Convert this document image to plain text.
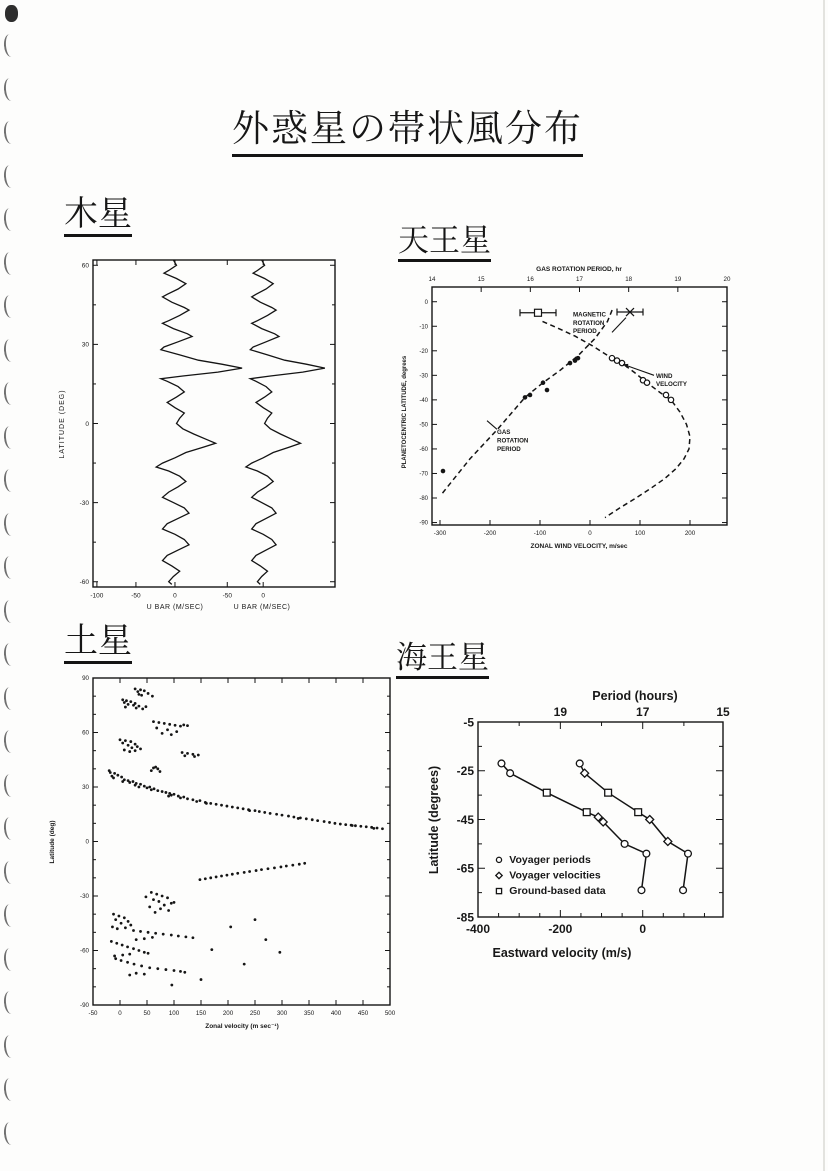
外惑星の帯状風分布
木星
天王星
土星	海王星
-100	-50	0	-50	0
60
30
0
-30
-60
LATITUDE (DEG)
U BAR (M/SEC)	U BAR (M/SEC)
-300	-200	-100	0	100	200
0
-10
-20
-30
-40
-50
-60
-70
-80
-90
14	15	16	17	18	19	20
MAGNETIC
ROTATION
PERIOD
WIND
VELOCITY
GAS
ROTATION
PERIOD
PLANETOCENTRIC LATITUDE, degrees
GAS ROTATION PERIOD, hr
ZONAL WIND VELOCITY, m/sec
-50	0	50	100	150	200	250	300	350	400	450	500
90
60
30
0
-30
-60
-90
Latitude (deg)
Zonal velocity (m sec⁻¹)
-400	-200	0
-5
-25
-45
-65
-85
19	17	15
Voyager periods
Voyager velocities
Ground-based data
Latitude (degrees)
Period (hours)
Eastward velocity (m/s)
